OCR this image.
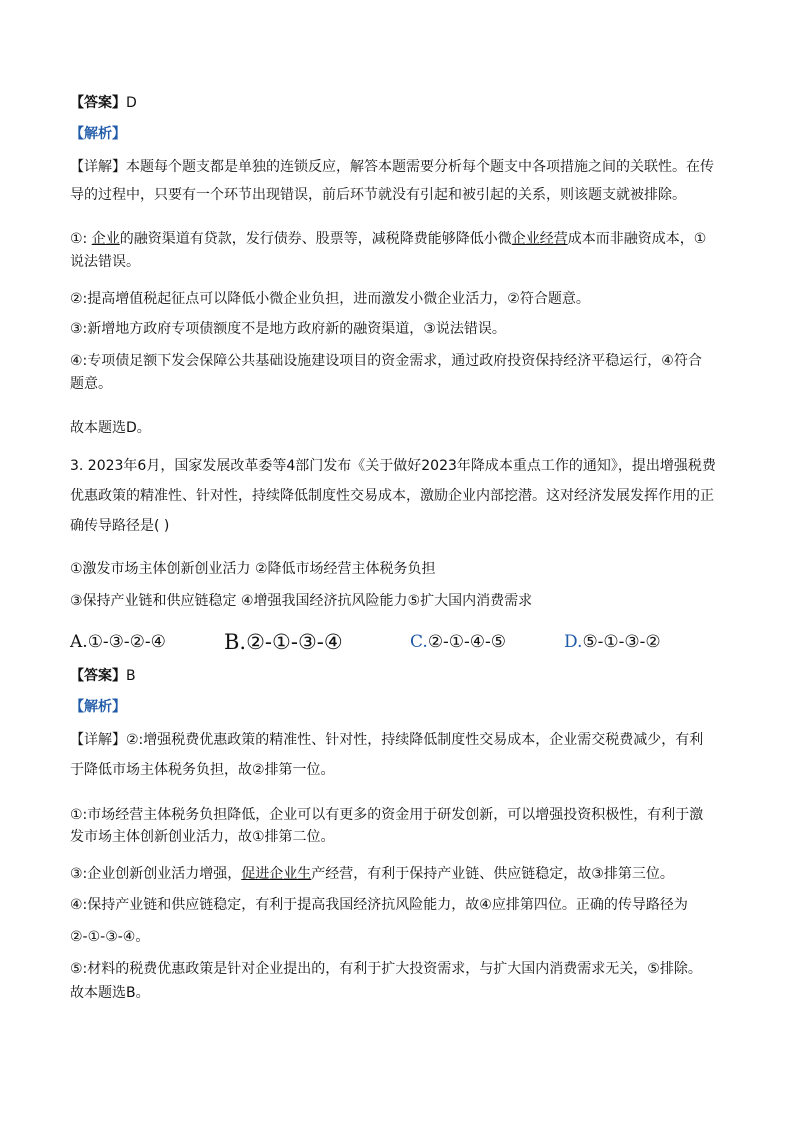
【答案】D
【解析】
【详解】本题每个题支都是单独的连锁反应，解答本题需要分析每个题支中各项措施之间的关联性。在传
导的过程中，只要有一个环节出现错误，前后环节就没有引起和被引起的关系，则该题支就被排除。
①: 企业的融资渠道有贷款，发行债券、股票等，减税降费能够降低小微企业经营成本而非融资成本，①
说法错误。
②:提高增值税起征点可以降低小微企业负担，进而激发小微企业活力，②符合题意。
③:新增地方政府专项债额度不是地方政府新的融资渠道，③说法错误。
④:专项债足额下发会保障公共基础设施建设项目的资金需求，通过政府投资保持经济平稳运行，④符合
题意。
故本题选D。
3. 2023年6月，国家发展改革委等4部门发布《关于做好2023年降成本重点工作的通知》，提出增强税费
优惠政策的精准性、针对性，持续降低制度性交易成本，激励企业内部挖潜。这对经济发展发挥作用的正
确传导路径是( )
①激发市场主体创新创业活力 ②降低市场经营主体税务负担
③保持产业链和供应链稳定 ④增强我国经济抗风险能力⑤扩大国内消费需求
A.①-③-②-④	B.②-①-③-④	C.②-①-④-⑤	D.⑤-①-③-②
【答案】B
【解析】
【详解】②:增强税费优惠政策的精准性、针对性，持续降低制度性交易成本，企业需交税费减少，有利
于降低市场主体税务负担，故②排第一位。
①:市场经营主体税务负担降低，企业可以有更多的资金用于研发创新，可以增强投资积极性，有利于激
发市场主体创新创业活力，故①排第二位。
③:企业创新创业活力增强，促进企业生产经营，有利于保持产业链、供应链稳定，故③排第三位。
④:保持产业链和供应链稳定，有利于提高我国经济抗风险能力，故④应排第四位。正确的传导路径为
②-①-③-④。
⑤:材料的税费优惠政策是针对企业提出的，有利于扩大投资需求，与扩大国内消费需求无关，⑤排除。
故本题选B。
